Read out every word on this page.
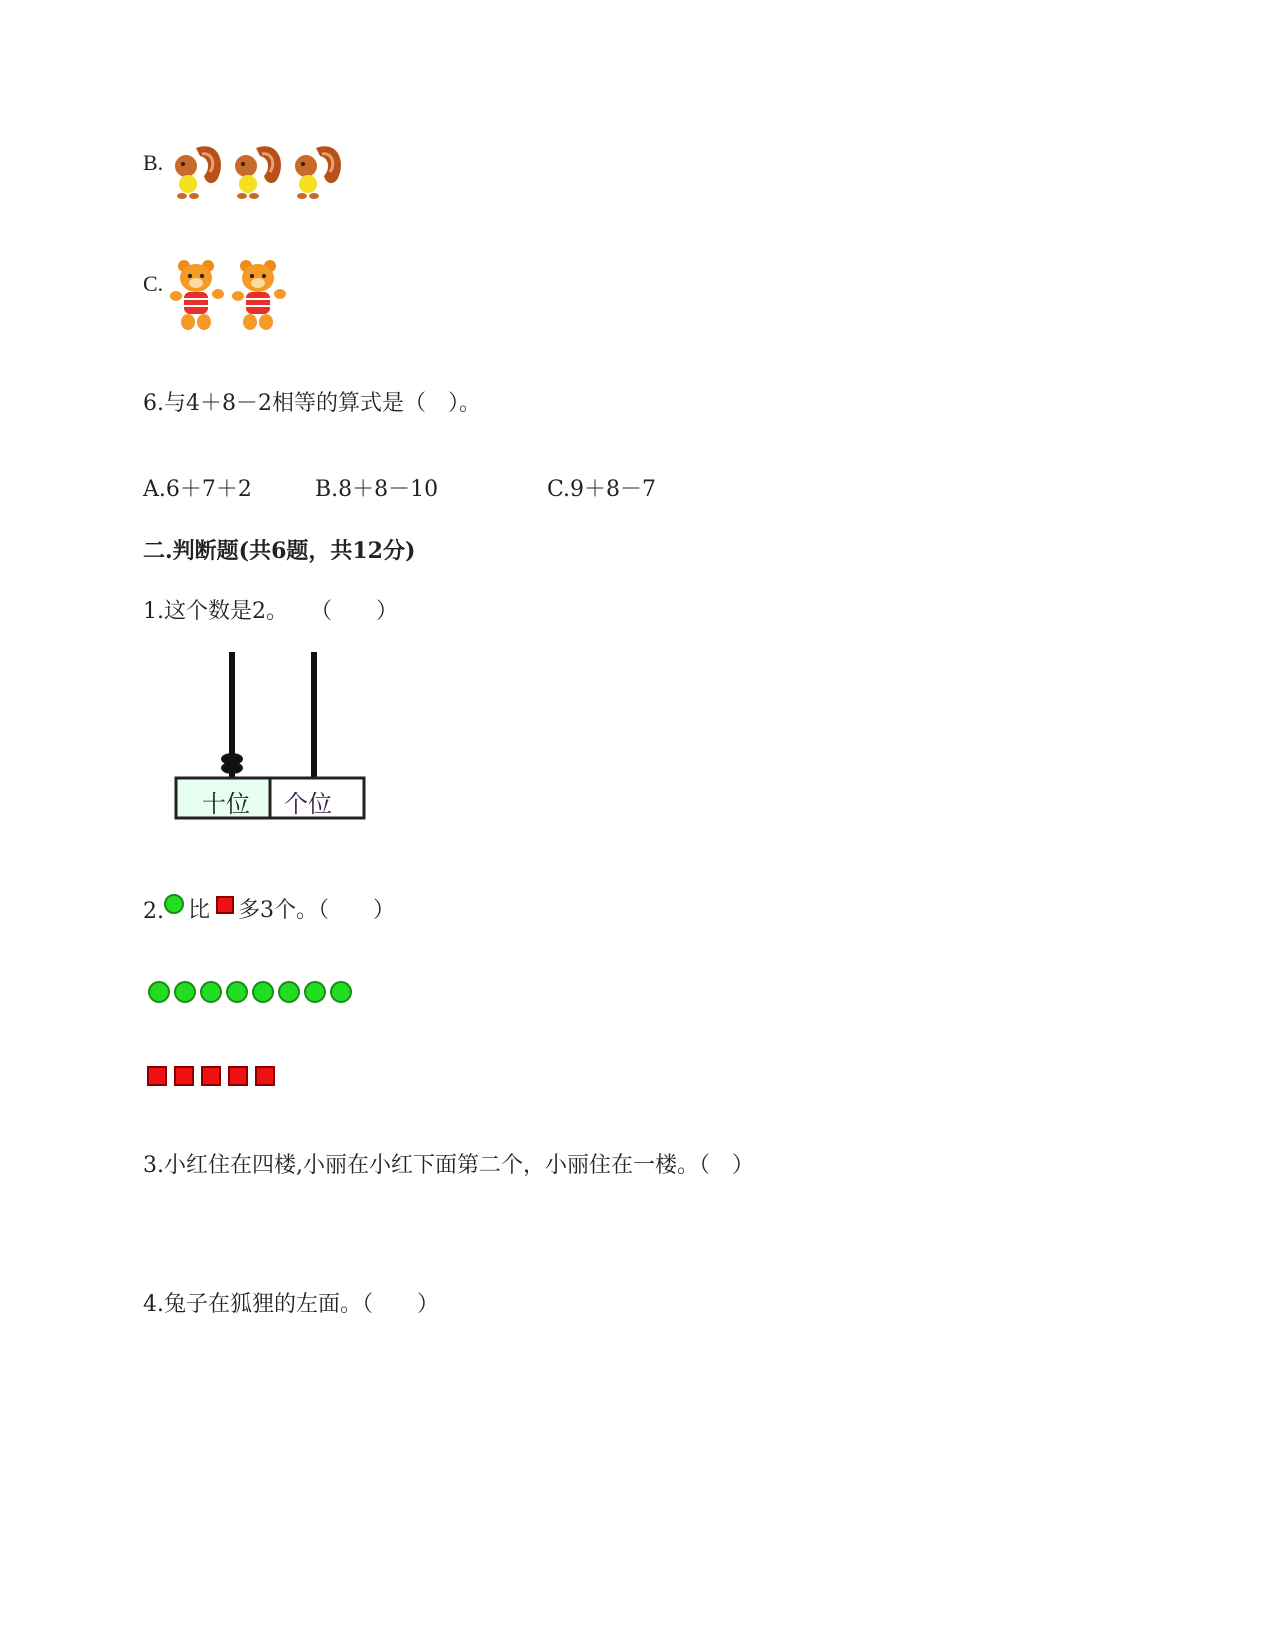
B.
C.
6.与4＋8－2相等的算式是（　）。
A.6＋7＋2	B.8＋8－10	C.9＋8－7
二.判断题(共6题，共12分)
1.这个数是2。　　（　　）
十位 个位
2. 比 多3个。（　　）
3.小红住在四楼,小丽在小红下面第二个，小丽住在一楼。（　）
4.兔子在狐狸的左面。（　　）
